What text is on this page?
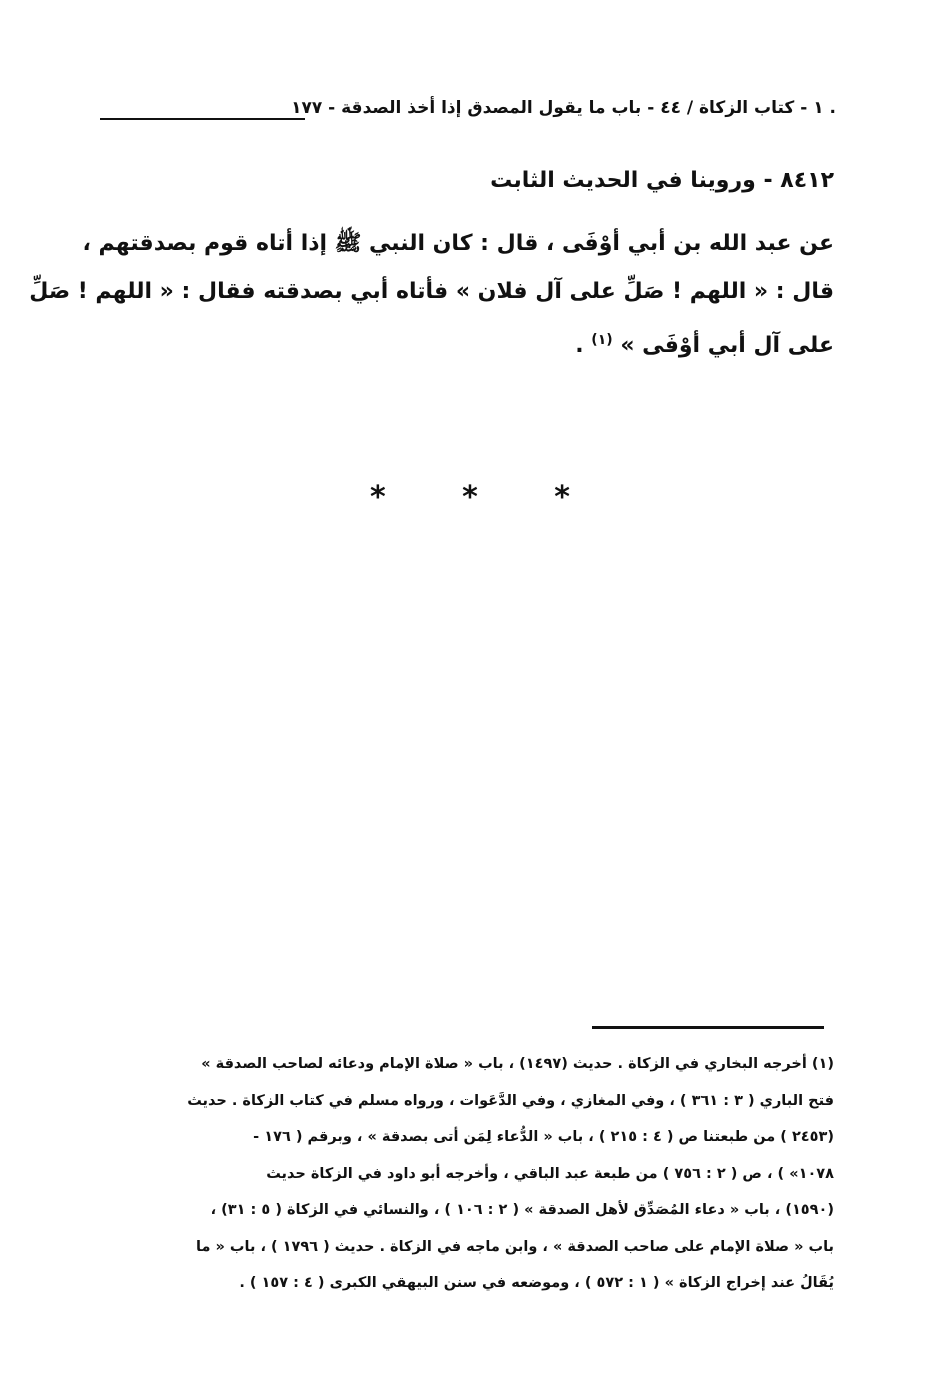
. ١ - كتاب الزكاة / ٤٤ - باب ما يقول المصدق إذا أخذ الصدقة - ١٧٧
٨٤١٢ - وروينا في الحديث الثابت
عن عبد الله بن أبي أوْفَى ، قال : كان النبي ﷺ إذا أتاه قوم بصدقتهم ،
قال : « اللهم ! صَلِّ على آل فلان » فأتاه أبي بصدقته فقال : « اللهم ! صَلِّ
على آل أبي أوْفَى » $^{(١)}$ .
*	*	*
(١) أخرجه البخاري في الزكاة . حديث (١٤٩٧) ، باب « صلاة الإمام ودعائه لصاحب الصدقة »
فتح الباري ( ٣ : ٣٦١ ) ، وفي المغازي ، وفي الدَّعَوات ، ورواه مسلم في كتاب الزكاة . حديث
(٢٤٥٣ ) من طبعتنا ص ( ٤ : ٢١٥ ) ، باب « الدُّعاء لِمَن أتى بصدقة » ، وبرقم ( ١٧٦ -
١٠٧٨» ) ، ص ( ٢ : ٧٥٦ ) من طبعة عبد الباقي ، وأخرجه أبو داود في الزكاة حديث
(١٥٩٠) ، باب « دعاء المُصَدِّق لأهل الصدقة » ( ٢ : ١٠٦ ) ، والنسائي في الزكاة ( ٥ : ٣١) ،
باب « صلاة الإمام على صاحب الصدقة » ، وابن ماجه في الزكاة . حديث ( ١٧٩٦ ) ، باب « ما
يُقَالُ عند إخراج الزكاة » ( ١ : ٥٧٢ ) ، وموضعه في سنن البيهقي الكبرى ( ٤ : ١٥٧ ) .
